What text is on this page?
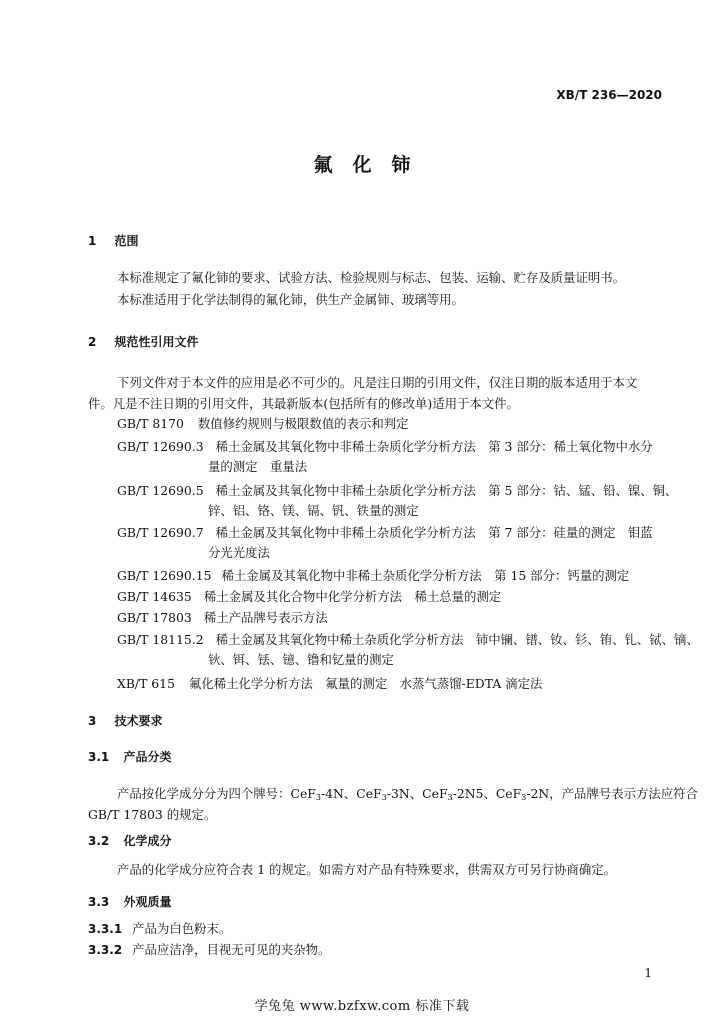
XB/T 236—2020
氟化铈
1 范围
本标准规定了氟化铈的要求、试验方法、检验规则与标志、包装、运输、贮存及质量证明书。
本标准适用于化学法制得的氟化铈，供生产金属铈、玻璃等用。
2 规范性引用文件
下列文件对于本文件的应用是必不可少的。凡是注日期的引用文件，仅注日期的版本适用于本文
件。凡是不注日期的引用文件，其最新版本(包括所有的修改单)适用于本文件。
GB/T 8170 数值修约规则与极限数值的表示和判定
GB/T 12690.3 稀土金属及其氧化物中非稀土杂质化学分析方法　第 3 部分：稀土氧化物中水分
量的测定　重量法
GB/T 12690.5 稀土金属及其氧化物中非稀土杂质化学分析方法　第 5 部分：钴、锰、铅、镍、铜、
锌、铝、铬、镁、镉、钒、铁量的测定
GB/T 12690.7 稀土金属及其氧化物中非稀土杂质化学分析方法　第 7 部分：硅量的测定　钼蓝
分光光度法
GB/T 12690.15 稀土金属及其氧化物中非稀土杂质化学分析方法　第 15 部分：钙量的测定
GB/T 14635 稀土金属及其化合物中化学分析方法　稀土总量的测定
GB/T 17803 稀土产品牌号表示方法
GB/T 18115.2 稀土金属及其氧化物中稀土杂质化学分析方法　铈中镧、镨、钕、钐、铕、钆、铽、镝、
钬、铒、铥、镱、镥和钇量的测定
XB/T 615 氟化稀土化学分析方法　氟量的测定　水蒸气蒸馏-EDTA 滴定法
3 技术要求
3.1 产品分类
产品按化学成分分为四个牌号：CeF$_3$-4N、CeF$_3$-3N、CeF$_3$-2N5、CeF$_3$-2N，产品牌号表示方法应符合
GB/T 17803 的规定。
3.2 化学成分
产品的化学成分应符合表 1 的规定。如需方对产品有特殊要求，供需双方可另行协商确定。
3.3 外观质量
3.3.1 产品为白色粉末。
3.3.2 产品应洁净，目视无可见的夹杂物。
1
学兔兔 www.bzfxw.com 标准下载
